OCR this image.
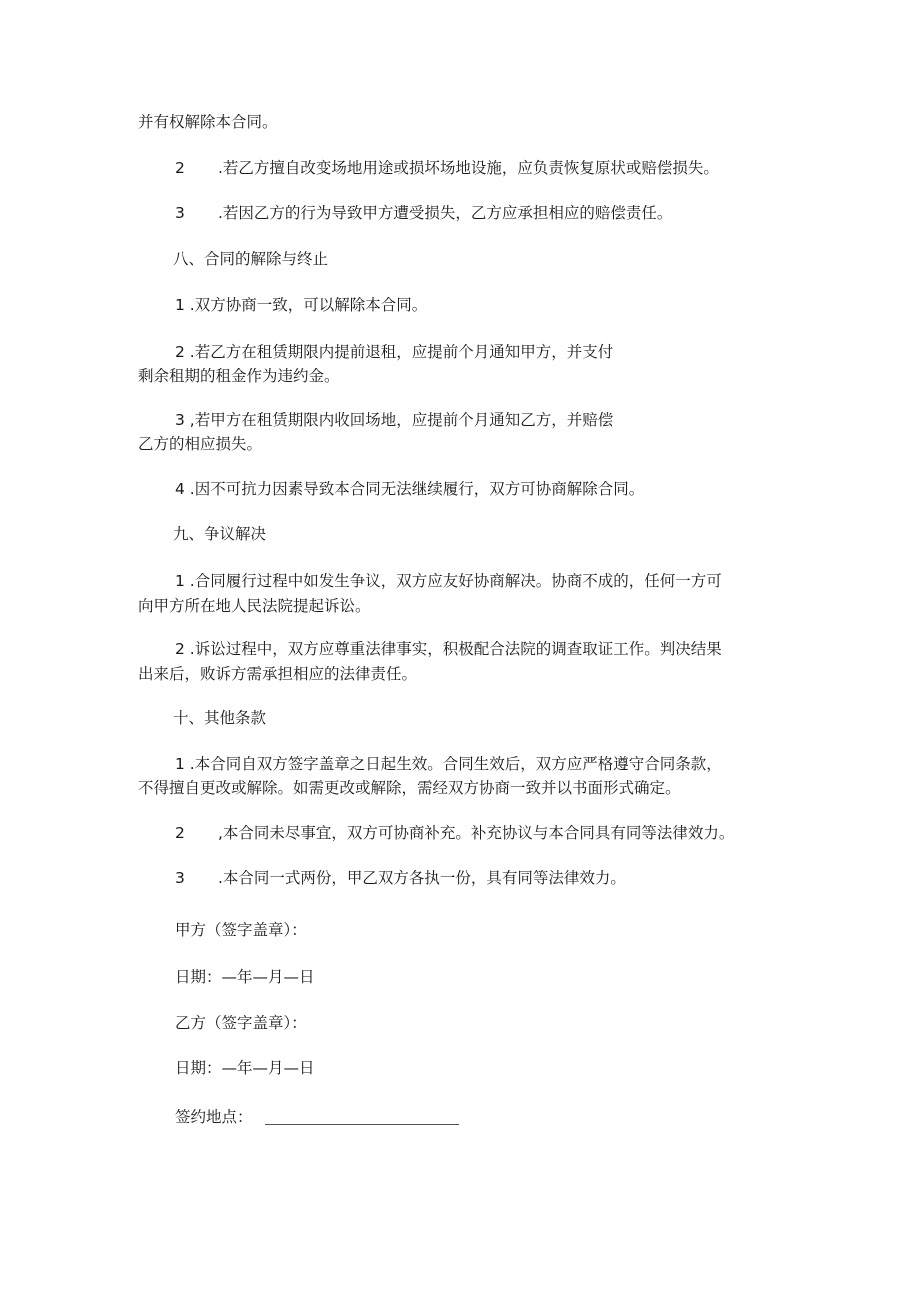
并有权解除本合同。
2 .若乙方擅自改变场地用途或损坏场地设施，应负责恢复原状或赔偿损失。
3 .若因乙方的行为导致甲方遭受损失，乙方应承担相应的赔偿责任。
八、合同的解除与终止
1 .双方协商一致，可以解除本合同。
2 .若乙方在租赁期限内提前退租，应提前个月通知甲方，并支付
剩余租期的租金作为违约金。
3 ,若甲方在租赁期限内收回场地，应提前个月通知乙方，并赔偿
乙方的相应损失。
4 .因不可抗力因素导致本合同无法继续履行，双方可协商解除合同。
九、争议解决
1 .合同履行过程中如发生争议，双方应友好协商解决。协商不成的，任何一方可
向甲方所在地人民法院提起诉讼。
2 .诉讼过程中，双方应尊重法律事实，积极配合法院的调查取证工作。判决结果
出来后，败诉方需承担相应的法律责任。
十、其他条款
1 .本合同自双方签字盖章之日起生效。合同生效后，双方应严格遵守合同条款，
不得擅自更改或解除。如需更改或解除，需经双方协商一致并以书面形式确定。
2 ,本合同未尽事宜，双方可协商补充。补充协议与本合同具有同等法律效力。
3 .本合同一式两份，甲乙双方各执一份，具有同等法律效力。
甲方（签字盖章）：
日期：—年—月—日
乙方（签字盖章）：
日期：—年—月—日
签约地点：
